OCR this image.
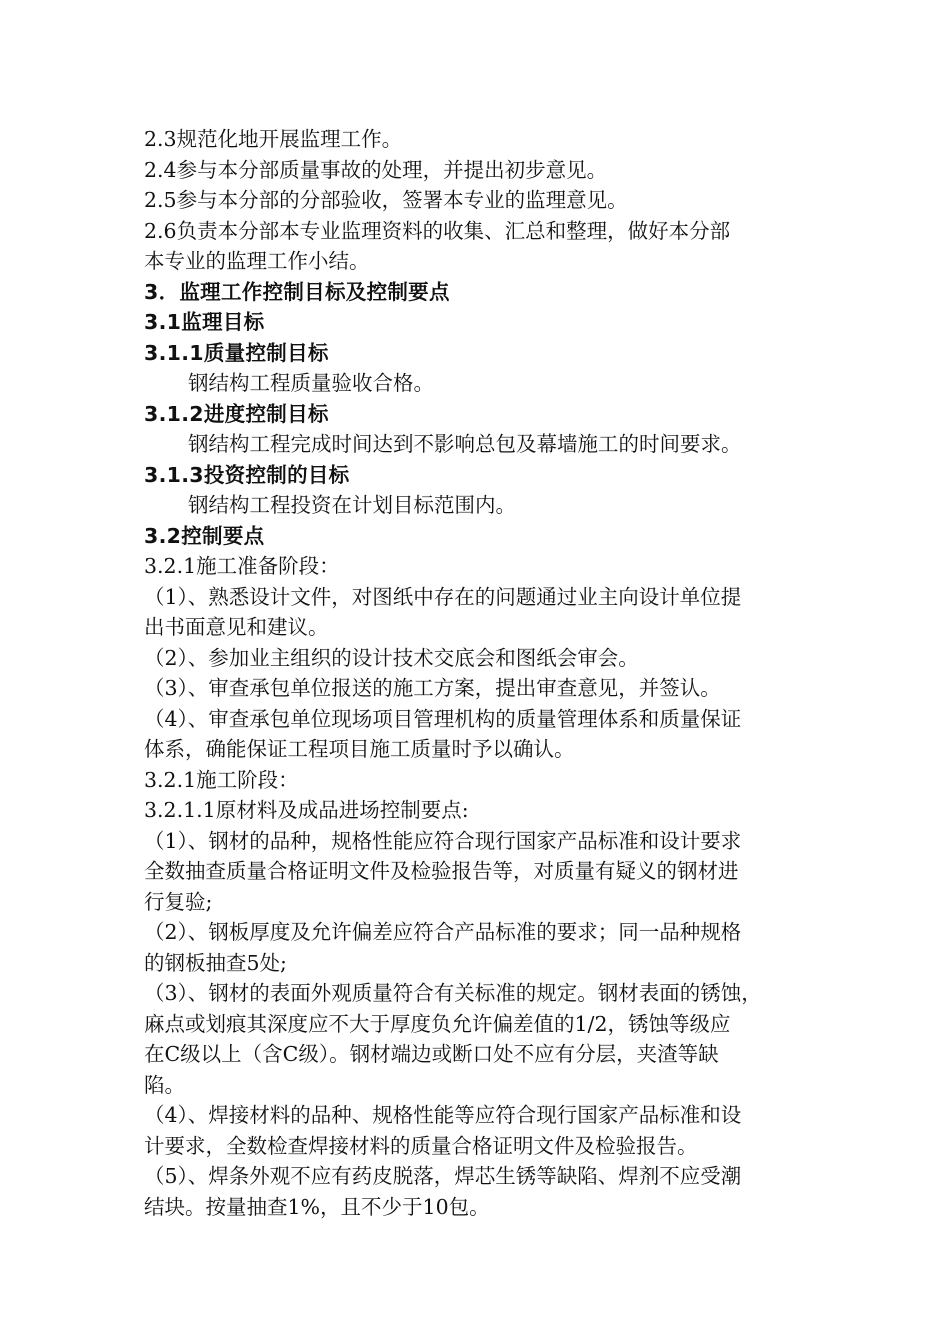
2.3规范化地开展监理工作。

2.4参与本分部质量事故的处理，并提出初步意见。

2.5参与本分部的分部验收，签署本专业的监理意见。

2.6负责本分部本专业监理资料的收集、汇总和整理，做好本分部

本专业的监理工作小结。

3．监理工作控制目标及控制要点

3.1监理目标

3.1.1质量控制目标

钢结构工程质量验收合格。

3.1.2进度控制目标

钢结构工程完成时间达到不影响总包及幕墙施工的时间要求。

3.1.3投资控制的目标

钢结构工程投资在计划目标范围内。

3.2控制要点

3.2.1施工准备阶段：

（1）、熟悉设计文件，对图纸中存在的问题通过业主向设计单位提

出书面意见和建议。

（2）、参加业主组织的设计技术交底会和图纸会审会。

（3）、审查承包单位报送的施工方案，提出审查意见，并签认。

（4）、审查承包单位现场项目管理机构的质量管理体系和质量保证

体系，确能保证工程项目施工质量时予以确认。

3.2.1施工阶段：

3.2.1.1原材料及成品进场控制要点:

（1）、钢材的品种，规格性能应符合现行国家产品标准和设计要求

全数抽查质量合格证明文件及检验报告等，对质量有疑义的钢材进

行复验;

（2）、钢板厚度及允许偏差应符合产品标准的要求；同一品种规格

的钢板抽查5处;

（3）、钢材的表面外观质量符合有关标准的规定。钢材表面的锈蚀，

麻点或划痕其深度应不大于厚度负允许偏差值的1/2，锈蚀等级应

在C级以上（含C级）。钢材端边或断口处不应有分层，夹渣等缺

陷。

（4）、焊接材料的品种、规格性能等应符合现行国家产品标准和设

计要求，全数检查焊接材料的质量合格证明文件及检验报告。

（5）、焊条外观不应有药皮脱落，焊芯生锈等缺陷、焊剂不应受潮

结块。按量抽查1%，且不少于10包。
